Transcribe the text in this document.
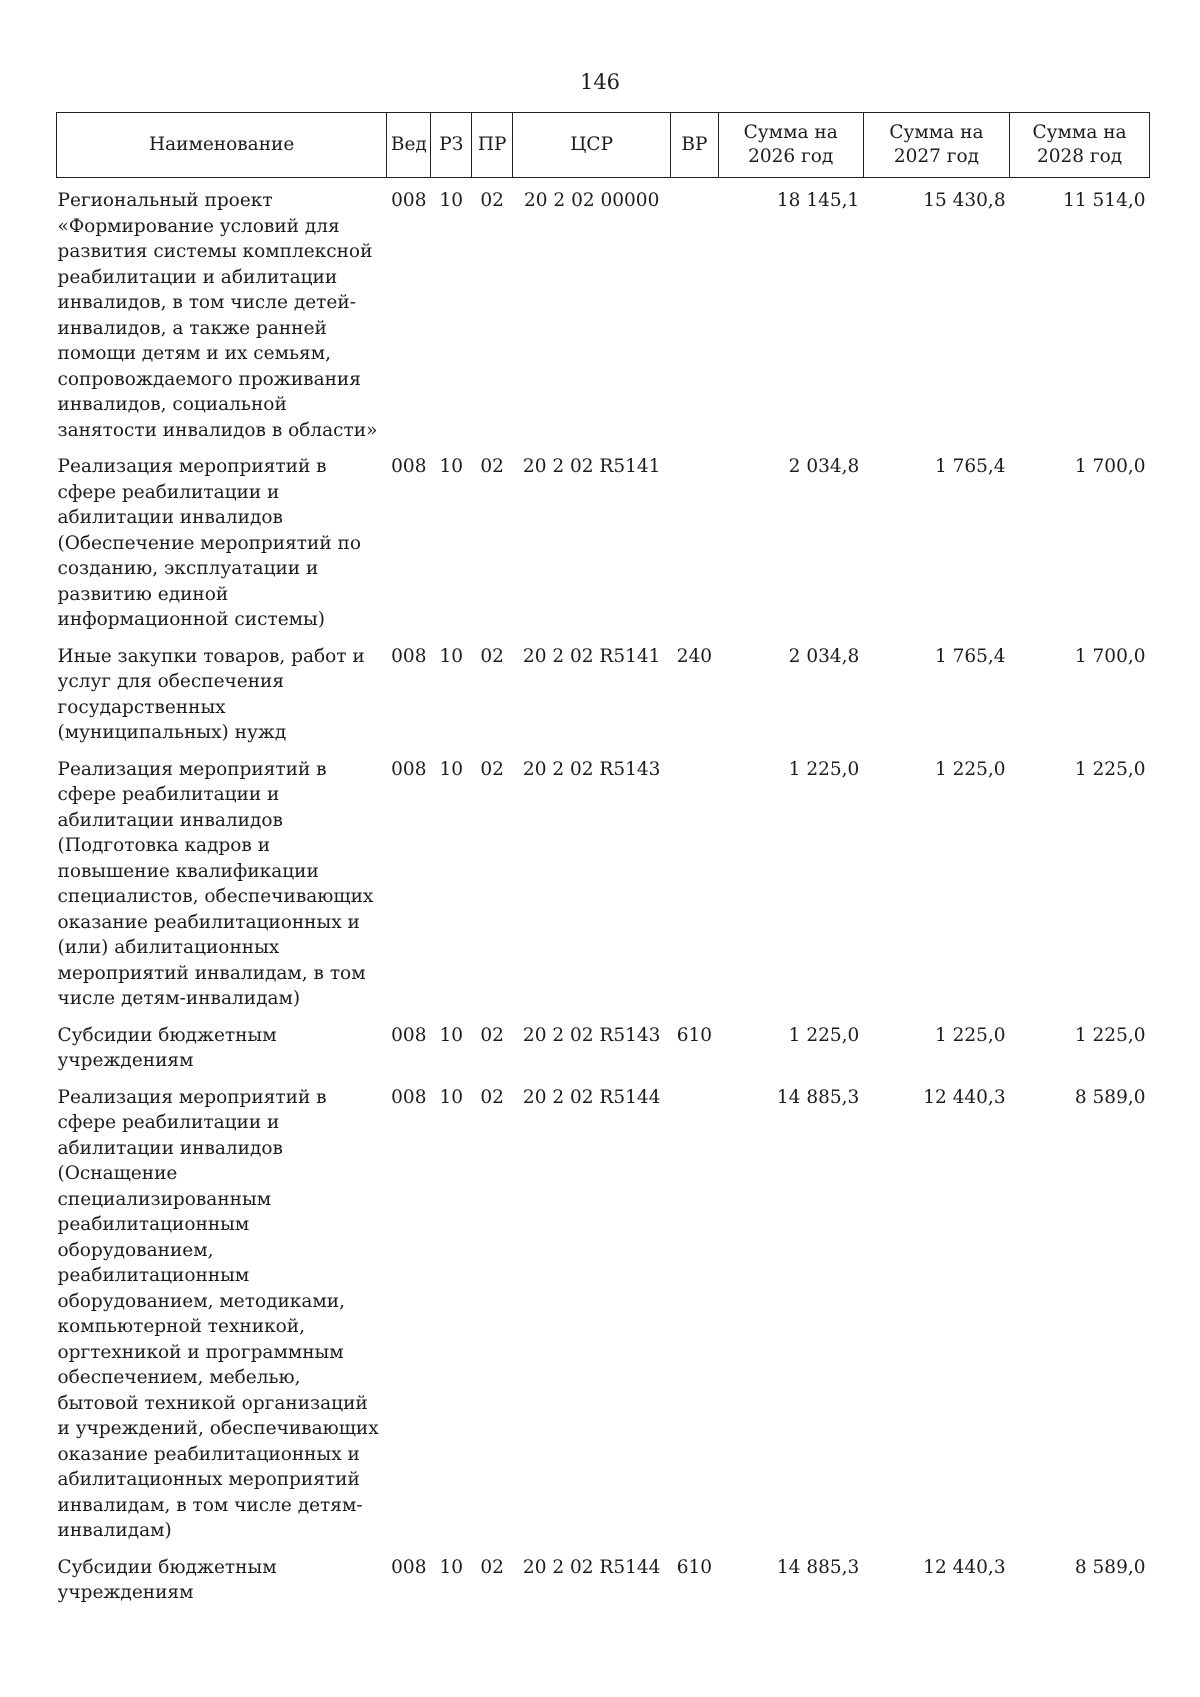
146
Наименование	Вед	РЗ	ПР	ЦСР	ВР	Сумма на 2026 год	Сумма на 2027 год	Сумма на 2028 год
Региональный проект «Формирование условий для развития системы комплексной реабилитации и абилитации инвалидов, в том числе детей-инвалидов, а также ранней помощи детям и их семьям, сопровождаемого проживания инвалидов, социальной занятости инвалидов в области»	008	10	02	20 2 02 00000		18 145,1	15 430,8	11 514,0
Реализация мероприятий в сфере реабилитации и абилитации инвалидов (Обеспечение мероприятий по созданию, эксплуатации и развитию единой информационной системы)	008	10	02	20 2 02 R5141		2 034,8	1 765,4	1 700,0
Иные закупки товаров, работ и услуг для обеспечения государственных (муниципальных) нужд	008	10	02	20 2 02 R5141	240	2 034,8	1 765,4	1 700,0
Реализация мероприятий в сфере реабилитации и абилитации инвалидов (Подготовка кадров и повышение квалификации специалистов, обеспечивающих оказание реабилитационных и (или) абилитационных мероприятий инвалидам, в том числе детям-инвалидам)	008	10	02	20 2 02 R5143		1 225,0	1 225,0	1 225,0
Субсидии бюджетным учреждениям	008	10	02	20 2 02 R5143	610	1 225,0	1 225,0	1 225,0
Реализация мероприятий в сфере реабилитации и абилитации инвалидов (Оснащение специализированным реабилитационным оборудованием, реабилитационным оборудованием, методиками, компьютерной техникой, оргтехникой и программным обеспечением, мебелью, бытовой техникой организаций и учреждений, обеспечивающих оказание реабилитационных и абилитационных мероприятий инвалидам, в том числе детям-инвалидам)	008	10	02	20 2 02 R5144		14 885,3	12 440,3	8 589,0
Субсидии бюджетным учреждениям	008	10	02	20 2 02 R5144	610	14 885,3	12 440,3	8 589,0
